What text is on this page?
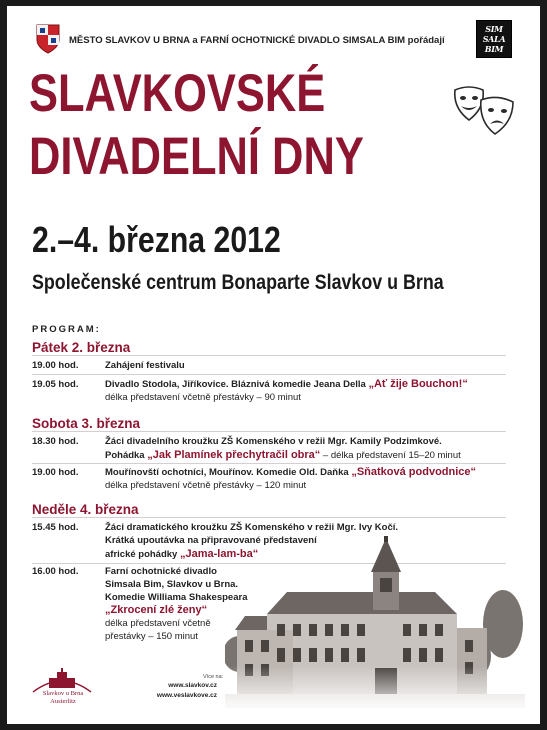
MĚSTO SLAVKOV U BRNA a FARNÍ OCHOTNICKÉ DIVADLO SIMSALA BIM pořádají
SIM
SALA
BIM
SLAVKOVSKÉ
DIVADELNÍ DNY
2.–4. března 2012
Společenské centrum Bonaparte Slavkov u Brna
PROGRAM:
Pátek 2. března
19.00 hod.	Zahájení festivalu
19.05 hod.	Divadlo Stodola, Jiříkovice. Bláznivá komedie Jeana Della „Ať žije Bouchon!“
délka představení včetně přestávky – 90 minut
Sobota 3. března
18.30 hod.	Žáci divadelního kroužku ZŠ Komenského v režii Mgr. Kamily Podzimkové.
Pohádka „Jak Plamínek přechytračil obra“ – délka představení 15–20 minut
19.00 hod.	Mouřínovští ochotníci, Mouřínov. Komedie Old. Daňka „Sňatková podvodnice“
délka představení včetně přestávky – 120 minut
Neděle 4. března
15.45 hod.	Žáci dramatického kroužku ZŠ Komenského v režii Mgr. Ivy Kočí.
Krátká upoutávka na připravované představení
africké pohádky „Jama-lam-ba“
16.00 hod.	Farní ochotnické divadlo
Simsala Bim, Slavkov u Brna.
Komedie Williama Shakespeara
„Zkrocení zlé ženy“
délka představení včetně
přestávky – 150 minut
Slavkov u Brna
Austerlitz
Více na:
www.slavkov.cz
www.veslavkove.cz
